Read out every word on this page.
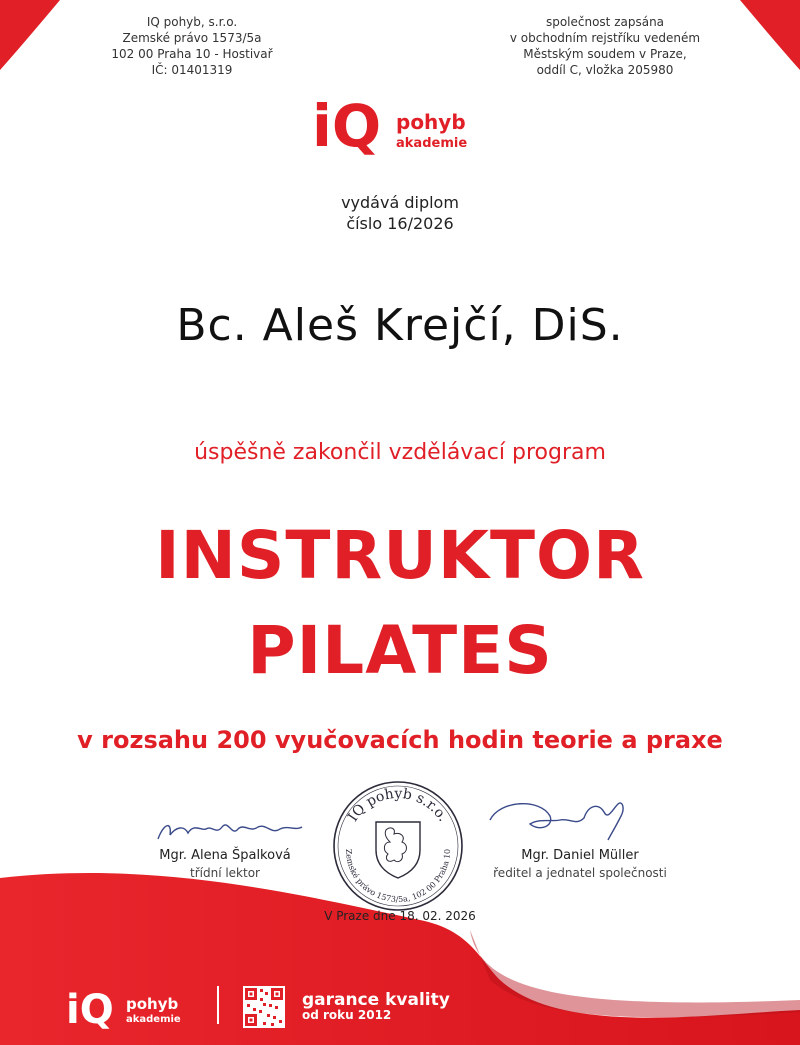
IQ pohyb, s.r.o.
Zemské právo 1573/5a
102 00 Praha 10 - Hostivař
IČ: 01401319
společnost zapsána
v obchodním rejstříku vedeném
Městským soudem v Praze,
oddíl C, vložka 205980
iQ pohyb
akademie
vydává diplom
číslo 16/2026
Bc. Aleš Krejčí, DiS.
úspěšně zakončil vzdělávací program
INSTRUKTOR
PILATES
v rozsahu 200 vyučovacích hodin teorie a praxe
Mgr. Alena Špalková
třídní lektor
IQ pohyb s.r.o.
Zemské právo 1573/5a, 102 00 Praha 10	Mgr. Daniel Müller
ředitel a jednatel společnosti
V Praze dne 18. 02. 2026
iQ pohyb
akademie
garance kvality
od roku 2012
